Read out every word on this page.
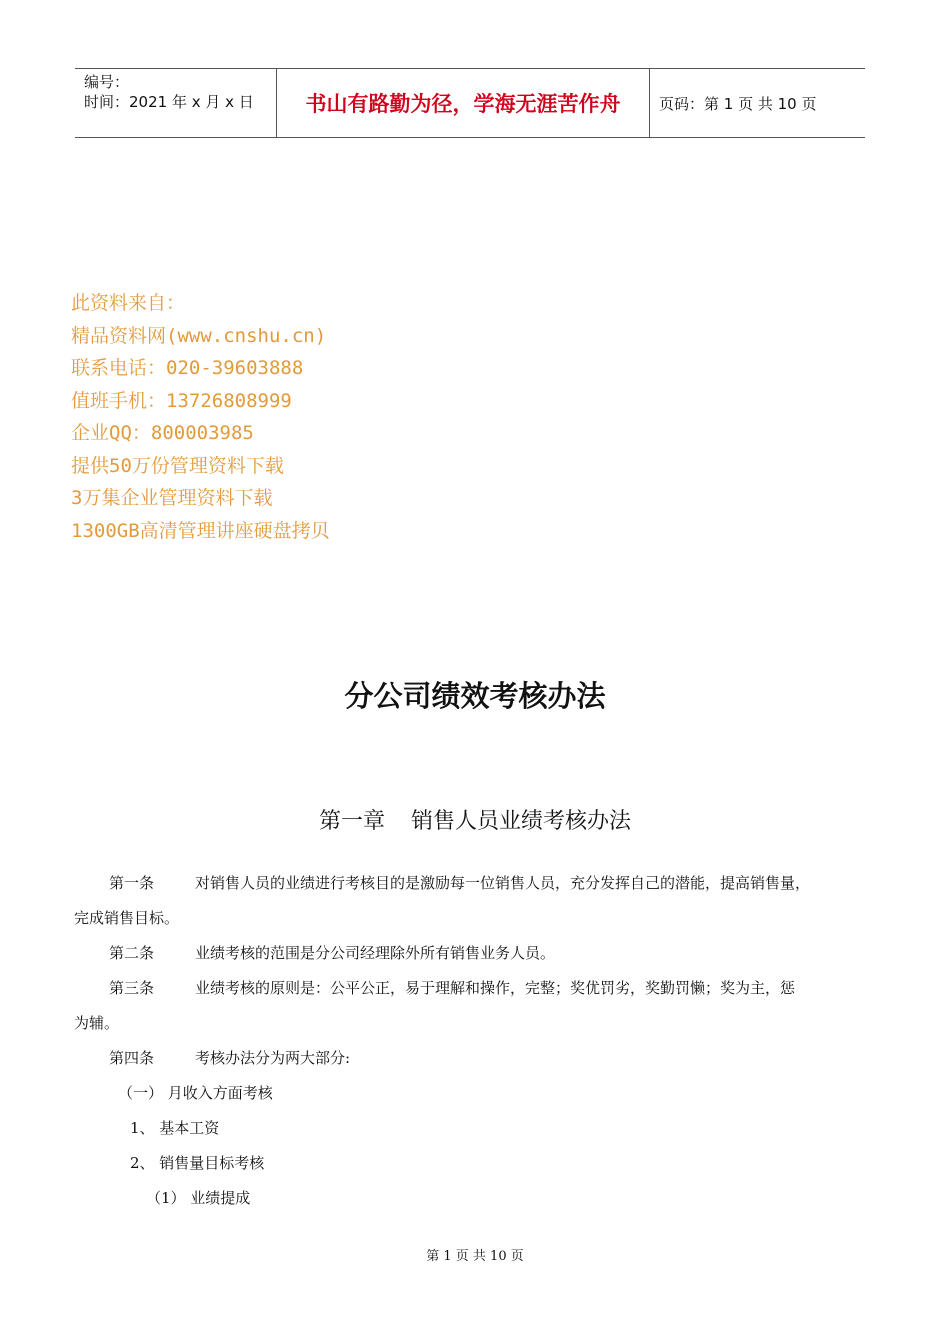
编号：
时间：2021 年 x 月 x 日	书山有路勤为径，学海无涯苦作舟	页码：第 1 页 共 10 页
此资料来自：
精品资料网(www.cnshu.cn)
联系电话：020-39603888
值班手机：13726808999
企业QQ：800003985
提供50万份管理资料下载
3万集企业管理资料下载
1300GB高清管理讲座硬盘拷贝
分公司绩效考核办法
第一章 销售人员业绩考核办法

第一条	对销售人员的业绩进行考核目的是激励每一位销售人员，充分发挥自己的潜能，提高销售量，

完成销售目标。

第二条	业绩考核的范围是分公司经理除外所有销售业务人员。

第三条	业绩考核的原则是：公平公正，易于理解和操作，完整；奖优罚劣，奖勤罚懒；奖为主，惩

为辅。

第四条	考核办法分为两大部分:

（一） 月收入方面考核

1、 基本工资

2、 销售量目标考核

（1） 业绩提成

第 1 页 共 10 页
